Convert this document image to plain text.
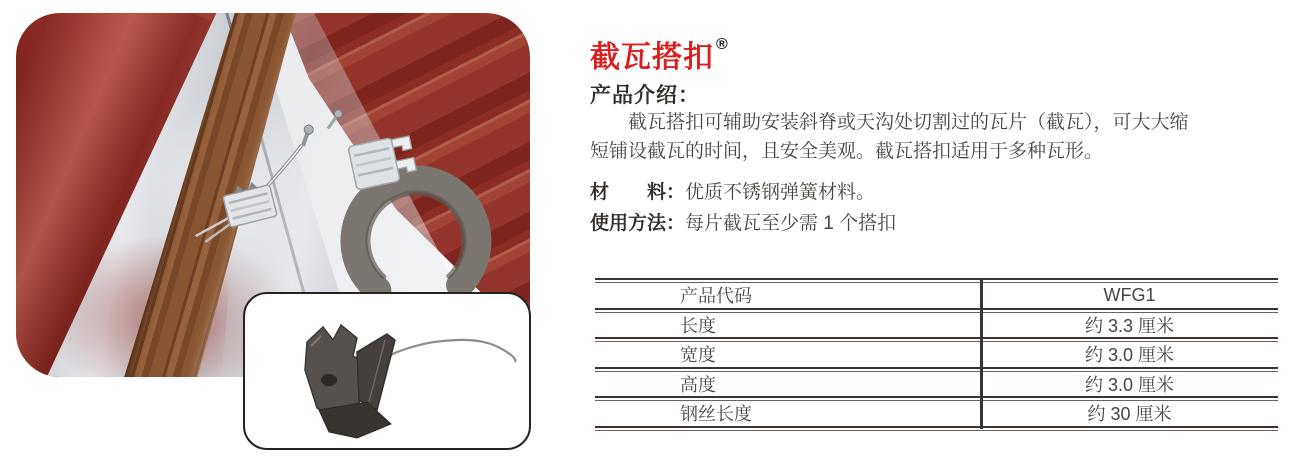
截瓦搭扣 ®
产品介绍：
截瓦搭扣可辅助安装斜脊或天沟处切割过的瓦片（截瓦），可大大缩
短铺设截瓦的时间，且安全美观。截瓦搭扣适用于多种瓦形。
材　　料：优质不锈钢弹簧材料。
使用方法：每片截瓦至少需 1 个搭扣
产品代码	WFG1
长度	约 3.3 厘米
宽度	约 3.0 厘米
高度	约 3.0 厘米
钢丝长度	约 30 厘米
